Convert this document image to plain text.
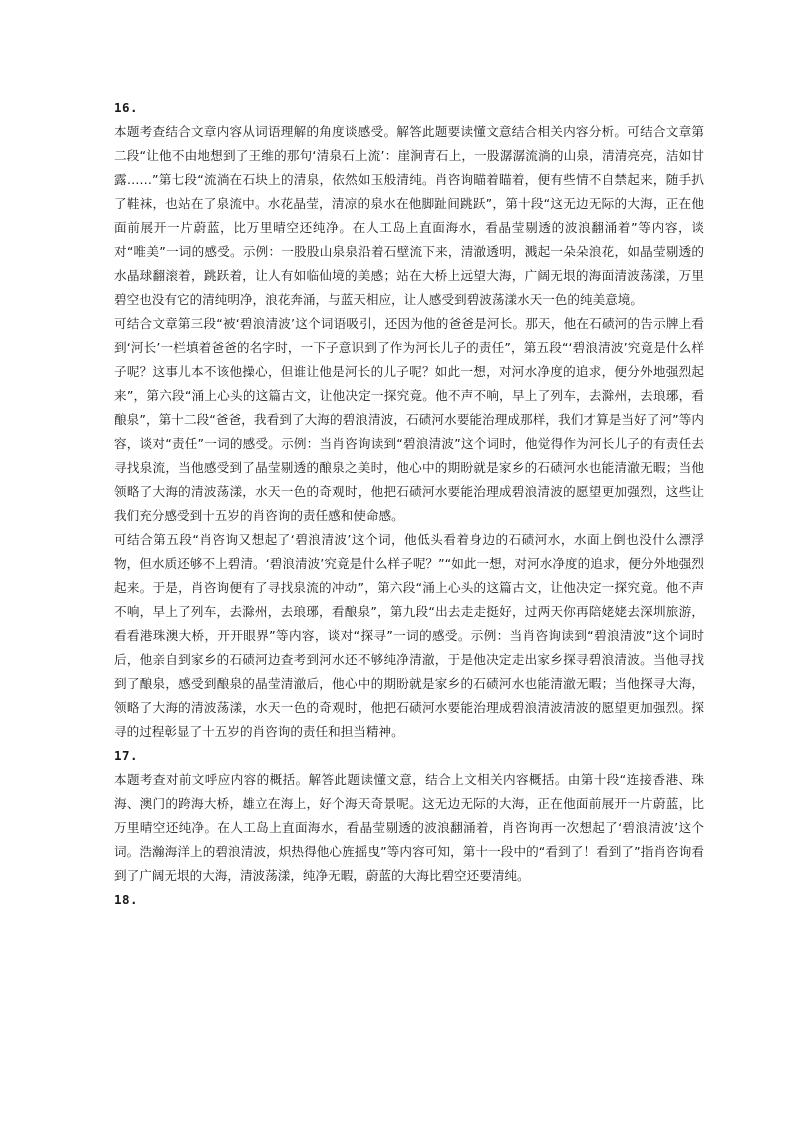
16.

本题考查结合文章内容从词语理解的角度谈感受。解答此题要读懂文意结合相关内容分析。可结合文章第二段“让他不由地想到了王维的那句‘清泉石上流’：崖涧青石上，一股潺潺流淌的山泉，清清亮亮，洁如甘露……”第七段“流淌在石块上的清泉，依然如玉般清纯。肖咨询瞄着瞄着，便有些情不自禁起来，随手扒了鞋袜，也站在了泉流中。水花晶莹，清凉的泉水在他脚趾间跳跃”，第十段“这无边无际的大海，正在他面前展开一片蔚蓝，比万里晴空还纯净。在人工岛上直面海水，看晶莹剔透的波浪翻涌着”等内容，谈对“唯美”一词的感受。示例：一股股山泉泉沿着石壁流下来，清澈透明，溅起一朵朵浪花，如晶莹剔透的水晶球翻滚着，跳跃着，让人有如临仙境的美感；站在大桥上远望大海，广阔无垠的海面清波荡漾，万里碧空也没有它的清纯明净，浪花奔涌，与蓝天相应，让人感受到碧波荡漾水天一色的纯美意境。

可结合文章第三段“被‘碧浪清波’这个词语吸引，还因为他的爸爸是河长。那天，他在石碛河的告示牌上看到‘河长’一栏填着爸爸的名字时，一下子意识到了作为河长儿子的责任”，第五段“‘碧浪清波’究竟是什么样子呢？这事儿本不该他操心，但谁让他是河长的儿子呢？如此一想，对河水净度的追求，便分外地强烈起来”，第六段“涌上心头的这篇古文，让他决定一探究竟。他不声不响，早上了列车，去滁州，去琅琊，看酿泉”，第十二段“爸爸，我看到了大海的碧浪清波，石碛河水要能治理成那样，我们才算是当好了河”等内容，谈对“责任”一词的感受。示例：当肖咨询读到“碧浪清波”这个词时，他觉得作为河长儿子的有责任去寻找泉流，当他感受到了晶莹剔透的酿泉之美时，他心中的期盼就是家乡的石碛河水也能清澈无暇；当他领略了大海的清波荡漾，水天一色的奇观时，他把石碛河水要能治理成碧浪清波的愿望更加强烈，这些让我们充分感受到十五岁的肖咨询的责任感和使命感。

可结合第五段“肖咨询又想起了‘碧浪清波’这个词，他低头看着身边的石碛河水，水面上倒也没什么漂浮物，但水质还够不上碧清。‘碧浪清波’究竟是什么样子呢？”“如此一想，对河水净度的追求，便分外地强烈起来。于是，肖咨询便有了寻找泉流的冲动”，第六段“涌上心头的这篇古文，让他决定一探究竟。他不声不响，早上了列车，去滁州，去琅琊，看酿泉”，第九段“出去走走挺好，过两天你再陪姥姥去深圳旅游，看看港珠澳大桥，开开眼界”等内容，谈对“探寻”一词的感受。示例：当肖咨询读到“碧浪清波”这个词时后，他亲自到家乡的石碛河边查考到河水还不够纯净清澈，于是他决定走出家乡探寻碧浪清波。当他寻找到了酿泉，感受到酿泉的晶莹清澈后，他心中的期盼就是家乡的石碛河水也能清澈无暇；当他探寻大海，领略了大海的清波荡漾，水天一色的奇观时，他把石碛河水要能治理成碧浪清波清波的愿望更加强烈。探寻的过程彰显了十五岁的肖咨询的责任和担当精神。

17.

本题考查对前文呼应内容的概括。解答此题读懂文意，结合上文相关内容概括。由第十段“连接香港、珠海、澳门的跨海大桥，雄立在海上，好个海天奇景呢。这无边无际的大海，正在他面前展开一片蔚蓝，比万里晴空还纯净。在人工岛上直面海水，看晶莹剔透的波浪翻涌着，肖咨询再一次想起了‘碧浪清波’这个词。浩瀚海洋上的碧浪清波，炽热得他心旌摇曳”等内容可知，第十一段中的“看到了！看到了”指肖咨询看到了广阔无垠的大海，清波荡漾，纯净无暇，蔚蓝的大海比碧空还要清纯。

18.
